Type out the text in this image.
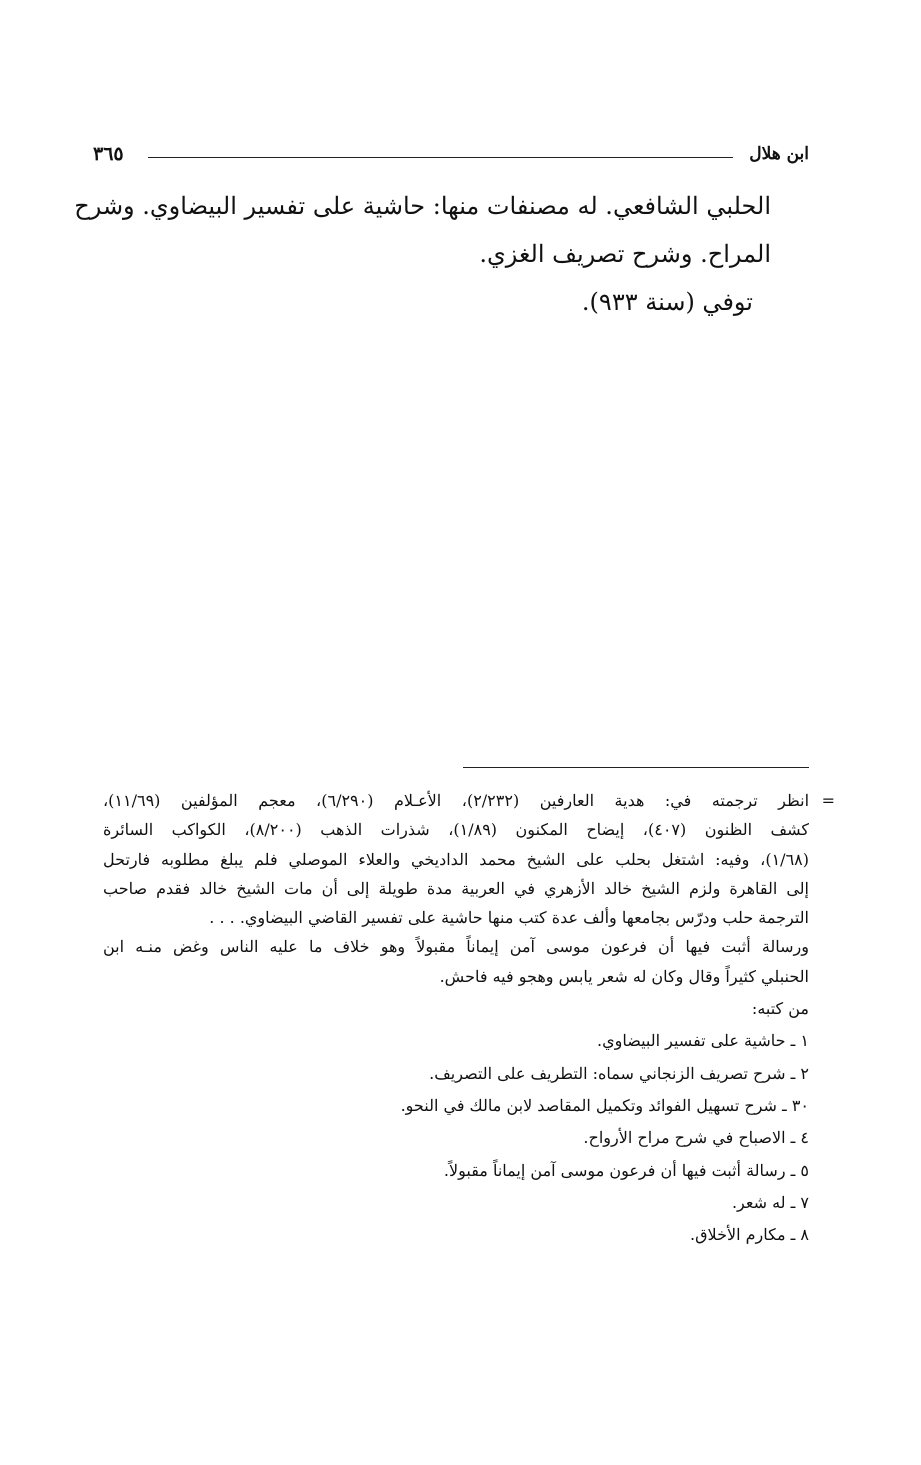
ابن هلال
٣٦٥
الحلبي الشافعي. له مصنفات منها: حاشية على تفسير البيضاوي. وشرح
المراح. وشرح تصريف الغزي.
توفي (سنة ٩٣٣).
=
انظر ترجمته في: هدية العارفين (٢/٢٣٢)، الأعـلام (٦/٢٩٠)، معجم المؤلفين (١١/٦٩)،
كشف الظنون (٤٠٧)، إيضاح المكنون (١/٨٩)، شذرات الذهب (٨/٢٠٠)، الكواكب السائرة
(١/٦٨)، وفيه: اشتغل بحلب على الشيخ محمد الداديخي والعلاء الموصلي فلم يبلغ مطلوبه فارتحل
إلى القاهرة ولزم الشيخ خالد الأزهري في العربية مدة طويلة إلى أن مات الشيخ خالد فقدم صاحب
الترجمة حلب ودرّس بجامعها وألف عدة كتب منها حاشية على تفسير القاضي البيضاوي. . . .
ورسالة أثبت فيها أن فرعون موسى آمن إيماناً مقبولاً وهو خلاف ما عليه الناس وغض منـه ابن
الحنبلي كثيراً وقال وكان له شعر يابس وهجو فيه فاحش.
من كتبه:
١ ـ حاشية على تفسير البيضاوي.
٢ ـ شرح تصريف الزنجاني سماه: التطريف على التصريف.
٣٠ ـ شرح تسهيل الفوائد وتكميل المقاصد لابن مالك في النحو.
٤ ـ الاصباح في شرح مراح الأرواح.
٥ ـ رسالة أثبت فيها أن فرعون موسى آمن إيماناً مقبولاً.
٧ ـ له شعر.
٨ ـ مكارم الأخلاق.
